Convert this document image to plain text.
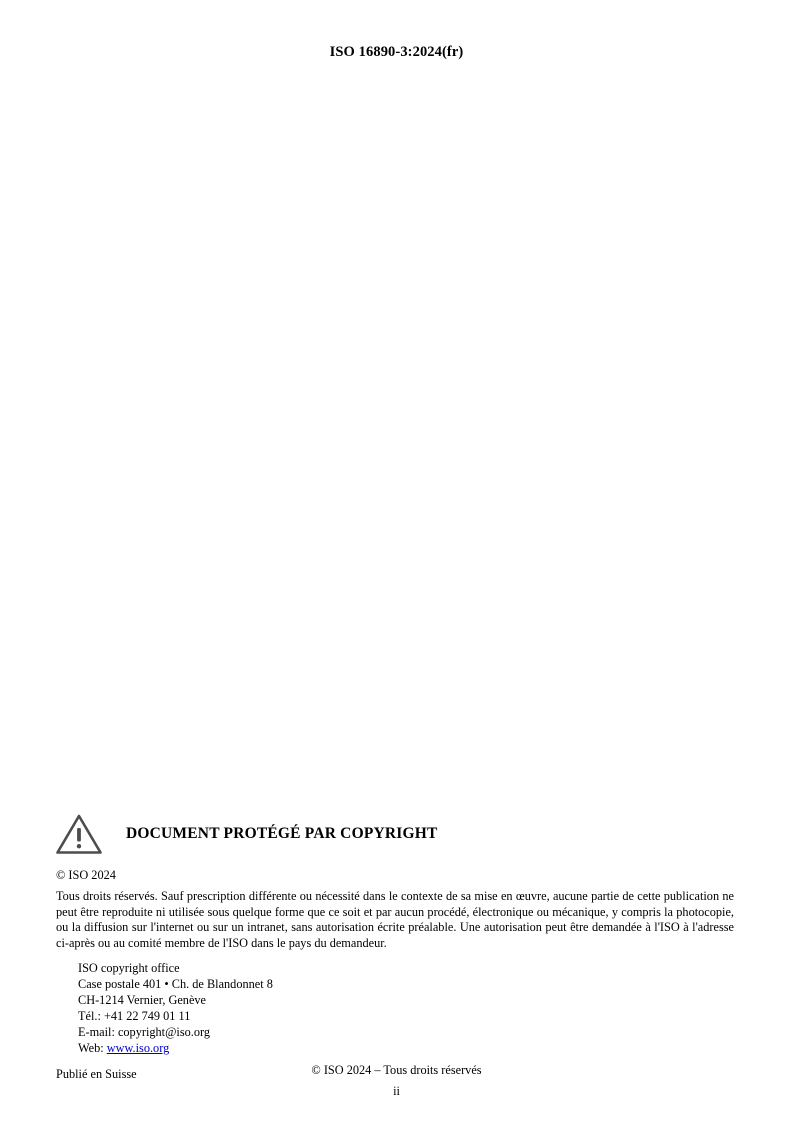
ISO 16890-3:2024(fr)
DOCUMENT PROTÉGÉ PAR COPYRIGHT
© ISO 2024
Tous droits réservés. Sauf prescription différente ou nécessité dans le contexte de sa mise en œuvre, aucune partie de cette publication ne peut être reproduite ni utilisée sous quelque forme que ce soit et par aucun procédé, électronique ou mécanique, y compris la photocopie, ou la diffusion sur l'internet ou sur un intranet, sans autorisation écrite préalable. Une autorisation peut être demandée à l'ISO à l'adresse ci-après ou au comité membre de l'ISO dans le pays du demandeur.
ISO copyright office
Case postale 401 • Ch. de Blandonnet 8
CH-1214 Vernier, Genève
Tél.: +41 22 749 01 11
E-mail: copyright@iso.org
Web: www.iso.org
Publié en Suisse	© ISO 2024 – Tous droits réservés
ii
